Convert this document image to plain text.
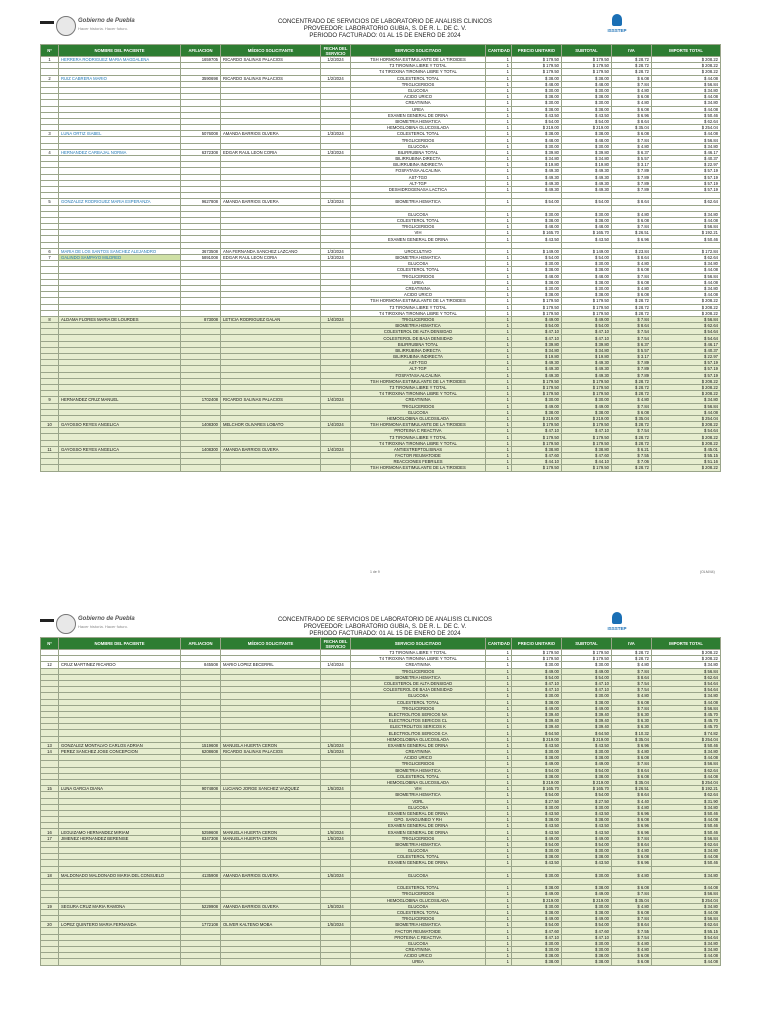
Gobierno de Puebla
Hacer historia. Hacer futuro.
CONCENTRADO DE SERVICIOS DE LABORATORIO DE ANALISIS CLINICOS
PROVEEDOR: LABORATORIO GUBIA, S. DE R. L. DE C. V.
PERIODO FACTURADO: 01 AL 15 DE ENERO DE 2024
ISSSTEP
Nº	NOMBRE DEL PACIENTE	AFILIACION	MÉDICO SOLICITANTE	FECHA DEL SERVICIO	SERVICIO SOLICITADO	CANTIDAD	PRECIO UNITARIO	SUBTOTAL	IVA	IMPORTE TOTAL
1	HERRERA RODRIGUEZ MARIA MAGDALENA	1659705	RICARDO SALINAS PALACIOS	1/2/2024	TSH HORMONA ESTIMULANTE DE LA TIROIDES	1	$ 179.50	$ 179.50	$ 28.72	$ 208.22
					T3 TIRONINA LIBRE Y TOTAL	1	$ 179.50	$ 179.50	$ 28.72	$ 208.22
					T4 TIROXINA TIRONINA LIBRE Y TOTAL	1	$ 179.50	$ 179.50	$ 28.72	$ 208.22
2	RUIZ CABRERA MARIO	3590698	RICARDO SALINAS PALACIOS	1/2/2024	COLESTEROL TOTAL	1	$ 38.00	$ 38.00	$ 6.08	$ 44.08
					TRIGLICERIDOS	1	$ 48.00	$ 48.00	$ 7.84	$ 56.84
					GLUCOSA	1	$ 30.00	$ 30.00	$ 4.80	$ 34.80
					ACIDO URICO	1	$ 38.00	$ 38.00	$ 6.08	$ 44.08
					CREATININA	1	$ 30.00	$ 30.00	$ 4.80	$ 34.80
					UREA	1	$ 38.00	$ 38.00	$ 6.08	$ 44.08
					EXAMEN GENERAL DE ORINA	1	$ 43.50	$ 43.50	$ 6.96	$ 50.46
					BIOMETRIA HEMATICA	1	$ 54.00	$ 54.00	$ 8.64	$ 62.64
					HEMOGLOBINA GLUCOSILADA	1	$ 219.00	$ 219.00	$ 35.04	$ 254.04
3	LUNA ORTIZ ISABEL	5076008	AMANDA BARRIOS OLVERA	1/3/2024	COLESTEROL TOTAL	1	$ 38.00	$ 38.00	$ 6.08	$ 44.08
					TRIGLICERIDOS	1	$ 48.00	$ 48.00	$ 7.84	$ 56.84
					GLUCOSA	1	$ 30.00	$ 30.00	$ 4.80	$ 34.80
4	HERNANDEZ CARBAJAL NORMA	6372308	EDGAR RAUL LEON CORIA	1/3/2024	BILIRRUBINA TOTAL	1	$ 39.80	$ 39.80	$ 6.37	$ 46.17
					BILIRRUBINA DIRECTA	1	$ 34.80	$ 34.80	$ 5.57	$ 40.37
					BILIRRUBINA INDIRECTA	1	$ 19.80	$ 19.80	$ 3.17	$ 22.97
					FOSFATASA ALCALINA	1	$ 49.30	$ 49.30	$ 7.89	$ 57.19
					AST-TGO	1	$ 49.30	$ 49.30	$ 7.89	$ 57.19
					ALT-TGP	1	$ 49.30	$ 49.30	$ 7.89	$ 57.19
					DESHIDROGENASA LACTICA	1	$ 49.30	$ 49.30	$ 7.89	$ 57.19

5	GONZALEZ RODRIGUEZ MARIA ESPERANZA	9627808	AMANDA BARRIOS OLVERA	1/3/2024	BIOMETRIA HEMATICA	1	$ 54.00	$ 54.00	$ 8.64	$ 62.64

					GLUCOSA	1	$ 30.00	$ 30.00	$ 4.80	$ 34.80
					COLESTEROL TOTAL	1	$ 38.00	$ 38.00	$ 6.08	$ 44.08
					TRIGLICERIDOS	1	$ 48.00	$ 48.00	$ 7.84	$ 56.84
					VIH	1	$ 165.70	$ 165.70	$ 26.51	$ 192.21
					EXAMEN GENERAL DE ORINA	1	$ 43.50	$ 43.50	$ 6.96	$ 50.46

6	MARIA DE LOS SANTOS SANCHEZ ALEJANDRO	3673508	ANA FERNANDA SANCHEZ LAZCANO	1/3/2024	UROCULTIVO	1	$ 149.00	$ 149.00	$ 23.84	$ 172.84
7	GALINDO SAMPAYO MILDRED	5891008	EDGAR RAUL LEON CORIA	1/3/2024	BIOMETRIA HEMATICA	1	$ 54.00	$ 54.00	$ 8.64	$ 62.64
					GLUCOSA	1	$ 30.00	$ 30.00	$ 4.80	$ 34.80
					COLESTEROL TOTAL	1	$ 38.00	$ 38.00	$ 6.08	$ 44.08
					TRIGLICERIDOS	1	$ 48.00	$ 48.00	$ 7.84	$ 56.84
					UREA	1	$ 38.00	$ 38.00	$ 6.08	$ 44.08
					CREATININA	1	$ 30.00	$ 30.00	$ 4.80	$ 34.80
					ACIDO URICO	1	$ 38.00	$ 38.00	$ 6.08	$ 44.08
					TSH HORMONA ESTIMULANTE DE LA TIROIDES	1	$ 179.50	$ 179.50	$ 28.72	$ 208.22
					T3 TIRONINA LIBRE Y TOTAL	1	$ 179.50	$ 179.50	$ 28.72	$ 208.22
					T4 TIROXINA TIRONINA LIBRE Y TOTAL	1	$ 179.50	$ 179.50	$ 28.72	$ 208.22
8	ALDAMA FLORES MARIA DE LOURDES	873008	LETICIA RODRIGUEZ GALAN	1/4/2024	TRIGLICERIDOS	1	$ 49.00	$ 49.00	$ 7.84	$ 56.84
					BIOMETRIA HEMATICA	1	$ 54.00	$ 54.00	$ 8.64	$ 62.64
					COLESTEROL DE ALTA DENSIDAD	1	$ 47.10	$ 47.10	$ 7.54	$ 54.64
					COLESTEROL DE BAJA DENSIDAD	1	$ 47.10	$ 47.10	$ 7.54	$ 54.64
					BILIRRUBINA TOTAL	1	$ 39.80	$ 39.80	$ 6.37	$ 46.17
					BILIRRUBINA DIRECTA	1	$ 34.80	$ 34.80	$ 5.57	$ 40.37
					BILIRRUBINA INDIRECTA	1	$ 19.80	$ 19.80	$ 3.17	$ 22.97
					AST-TGO	1	$ 49.30	$ 49.30	$ 7.89	$ 57.19
					ALT-TGP	1	$ 49.30	$ 49.30	$ 7.89	$ 57.19
					FOSFATASA ALCALINA	1	$ 49.30	$ 49.30	$ 7.89	$ 57.19
					TSH HORMONA ESTIMULANTE DE LA TIROIDES	1	$ 179.50	$ 179.50	$ 28.72	$ 208.22
					T3 TIRONINA LIBRE Y TOTAL	1	$ 179.50	$ 179.50	$ 28.72	$ 208.22
					T4 TIROXINA TIRONINA LIBRE Y TOTAL	1	$ 179.50	$ 179.50	$ 28.72	$ 208.22
9	HERNANDEZ CRUZ MANUEL	1702408	RICARDO SALINAS PALACIOS	1/4/2024	CREATININA	1	$ 30.00	$ 30.00	$ 4.80	$ 34.80
					TRIGLICERIDOS	1	$ 49.00	$ 49.00	$ 7.84	$ 56.84
					GLUCOSA	1	$ 38.00	$ 38.00	$ 6.08	$ 44.08
					HEMOGLOBINA GLUCOSILADA	1	$ 219.00	$ 219.00	$ 35.04	$ 254.04
10	GAYOSSO REYES ANGELICA	1408300	MELCHOR OLIVARES LOBATO	1/4/2024	TSH HORMONA ESTIMULANTE DE LA TIROIDES	1	$ 179.50	$ 179.50	$ 28.72	$ 208.22
					PROTEINA C REACTIVA	1	$ 47.10	$ 47.10	$ 7.54	$ 54.64
					T3 TIRONINA LIBRE Y TOTAL	1	$ 179.50	$ 179.50	$ 28.72	$ 208.22
					T4 TIROXINA TIRONINA LIBRE Y TOTAL	1	$ 179.50	$ 179.50	$ 28.72	$ 208.22
11	GAYOSSO REYES ANGELICA	1408300	AMANDA BARRIOS OLVERA	1/4/2024	ANTIESTREPTOLISINAS	1	$ 38.80	$ 38.80	$ 6.21	$ 45.01
					FACTOR REUMATOIDE	1	$ 47.60	$ 47.60	$ 7.55	$ 55.15
					REACCIONES FEBRILES	1	$ 44.10	$ 44.10	$ 7.06	$ 51.16
					TSH HORMONA ESTIMULANTE DE LA TIROIDES	1	$ 179.50	$ 179.50	$ 28.72	$ 208.22
Gobierno de Puebla
Hacer historia. Hacer futuro.
CONCENTRADO DE SERVICIOS DE LABORATORIO DE ANALISIS CLINICOS
PROVEEDOR: LABORATORIO GUBIA, S. DE R. L. DE C. V.
PERIODO FACTURADO: 01 AL 15 DE ENERO DE 2024
ISSSTEP
Nº	NOMBRE DEL PACIENTE	AFILIACION	MÉDICO SOLICITANTE	FECHA DEL SERVICIO	SERVICIO SOLICITADO	CANTIDAD	PRECIO UNITARIO	SUBTOTAL	IVA	IMPORTE TOTAL
					T3 TIRONINA LIBRE Y TOTAL	1	$ 179.50	$ 179.50	$ 28.72	$ 208.22
					T4 TIROXINA TIRONINA LIBRE Y TOTAL	1	$ 179.50	$ 179.50	$ 28.72	$ 208.22
12	CRUZ MARTINEZ RICARDO	845508	MARIO LOPEZ BECERRIL	1/4/2024	CREATININA	1	$ 30.00	$ 30.00	$ 4.80	$ 34.80
					TRIGLICERIDOS	1	$ 49.00	$ 49.00	$ 7.84	$ 56.84
					BIOMETRIA HEMATICA	1	$ 54.00	$ 54.00	$ 8.64	$ 62.64
					COLESTEROL DE ALTA DENSIDAD	1	$ 47.10	$ 47.10	$ 7.54	$ 54.64
					COLESTEROL DE BAJA DENSIDAD	1	$ 47.10	$ 47.10	$ 7.54	$ 54.64
					GLUCOSA	1	$ 30.00	$ 30.00	$ 4.80	$ 34.80
					COLESTEROL TOTAL	1	$ 38.00	$ 38.00	$ 6.08	$ 44.08
					TRIGLICERIDOS	1	$ 49.00	$ 49.00	$ 7.84	$ 56.84
					ELECTROLITOS SERICOS NA	1	$ 39.40	$ 39.40	$ 6.30	$ 45.70
					ELECTROLITOS SERICOS CL	1	$ 39.40	$ 39.40	$ 6.30	$ 45.70
					ELECTROLITOS SERICOS K	1	$ 39.40	$ 39.40	$ 6.30	$ 45.70
					ELECTROLITOS SERICOS CA	1	$ 64.50	$ 64.50	$ 10.32	$ 74.82
					HEMOGLOBINA GLUCOSILADA	1	$ 219.00	$ 219.00	$ 35.04	$ 254.04
13	GONZALEZ MONTALVO CARLOS ADRIAN	1519608	MANUELA HUERTA CERON	1/5/2024	EXAMEN GENERAL DE ORINA	1	$ 43.50	$ 43.50	$ 6.96	$ 50.46
14	PEREZ SANCHEZ JOSE CONCEPCION	6208608	RICARDO SALINAS PALACIOS	1/5/2024	CREATININA	1	$ 30.00	$ 30.00	$ 4.80	$ 34.80
					ACIDO URICO	1	$ 38.00	$ 38.00	$ 6.08	$ 44.08
					TRIGLICERIDOS	1	$ 49.00	$ 49.00	$ 7.84	$ 56.84
					BIOMETRIA HEMATICA	1	$ 54.00	$ 54.00	$ 8.64	$ 62.64
					COLESTEROL TOTAL	1	$ 38.00	$ 38.00	$ 6.08	$ 44.08
					HEMOGLOBINA GLUCOSILADA	1	$ 219.00	$ 219.00	$ 35.04	$ 254.04
15	LUNA GARCIA DIANA	9074808	LUCIANO JORGE SANCHEZ VAZQUEZ	1/5/2024	VIH	1	$ 165.70	$ 165.70	$ 26.51	$ 192.21
					BIOMETRIA HEMATICA	1	$ 54.00	$ 54.00	$ 8.64	$ 62.64
					VDRL	1	$ 27.50	$ 27.50	$ 4.40	$ 31.90
					GLUCOSA	1	$ 30.00	$ 30.00	$ 4.80	$ 34.80
					EXAMEN GENERAL DE ORINA	1	$ 43.50	$ 43.50	$ 6.96	$ 50.46
					GPO. SANGUINEO Y RH	1	$ 38.00	$ 38.00	$ 6.08	$ 44.08
					EXAMEN GENERAL DE ORINA	1	$ 43.50	$ 43.50	$ 6.96	$ 50.46
16	LEGUIZAMO HERNANDEZ MIRIAM	5259608	MANUELA HUERTA CERON	1/5/2024	EXAMEN GENERAL DE ORINA	1	$ 43.50	$ 43.50	$ 6.96	$ 50.46
17	JIMENEZ HERNANDEZ BERENISE	8347308	MANUELA HUERTA CERON	1/5/2024	TRIGLICERIDOS	1	$ 49.00	$ 49.00	$ 7.84	$ 56.84
					BIOMETRIA HEMATICA	1	$ 54.00	$ 54.00	$ 8.64	$ 62.64
					GLUCOSA	1	$ 30.00	$ 30.00	$ 4.80	$ 34.80
					COLESTEROL TOTAL	1	$ 38.00	$ 38.00	$ 6.08	$ 44.08
					EXAMEN GENERAL DE ORINA	1	$ 43.50	$ 43.50	$ 6.96	$ 50.46

18	MALDONADO MALDONADO MARIA DEL CONSUELO	4135908	AMANDA BARRIOS OLVERA	1/5/2024	GLUCOSA	1	$ 30.00	$ 30.00	$ 4.80	$ 34.80

					COLESTEROL TOTAL	1	$ 38.00	$ 38.00	$ 6.08	$ 44.08
					TRIGLICERIDOS	1	$ 49.00	$ 49.00	$ 7.84	$ 56.84
					HEMOGLOBINA GLUCOSILADA	1	$ 219.00	$ 219.00	$ 35.04	$ 254.04
19	SEGURA CRUZ MARIA RAMONA	5229908	AMANDA BARRIOS OLVERA	1/5/2024	GLUCOSA	1	$ 30.00	$ 30.00	$ 4.80	$ 34.80
					COLESTEROL TOTAL	1	$ 38.00	$ 38.00	$ 6.08	$ 44.08
					TRIGLICERIDOS	1	$ 49.00	$ 49.00	$ 7.84	$ 56.84
20	LOPEZ QUINTERO MARIA FERNANDA	1772108	OLIVER KALTENO MOBA	1/5/2024	BIOMETRIA HEMATICA	1	$ 54.00	$ 54.00	$ 8.64	$ 62.64
					FACTOR REUMATOIDE	1	$ 47.60	$ 47.60	$ 7.55	$ 55.15
					PROTEINA C REACTIVA	1	$ 47.10	$ 47.10	$ 7.54	$ 54.64
					GLUCOSA	1	$ 30.00	$ 30.00	$ 4.80	$ 34.80
					CREATININA	1	$ 30.00	$ 30.00	$ 4.80	$ 34.80
					ACIDO URICO	1	$ 38.00	$ 38.00	$ 6.08	$ 44.08
					UREA	1	$ 38.00	$ 38.00	$ 6.08	$ 44.08
1 de 9	(OLM/44)
